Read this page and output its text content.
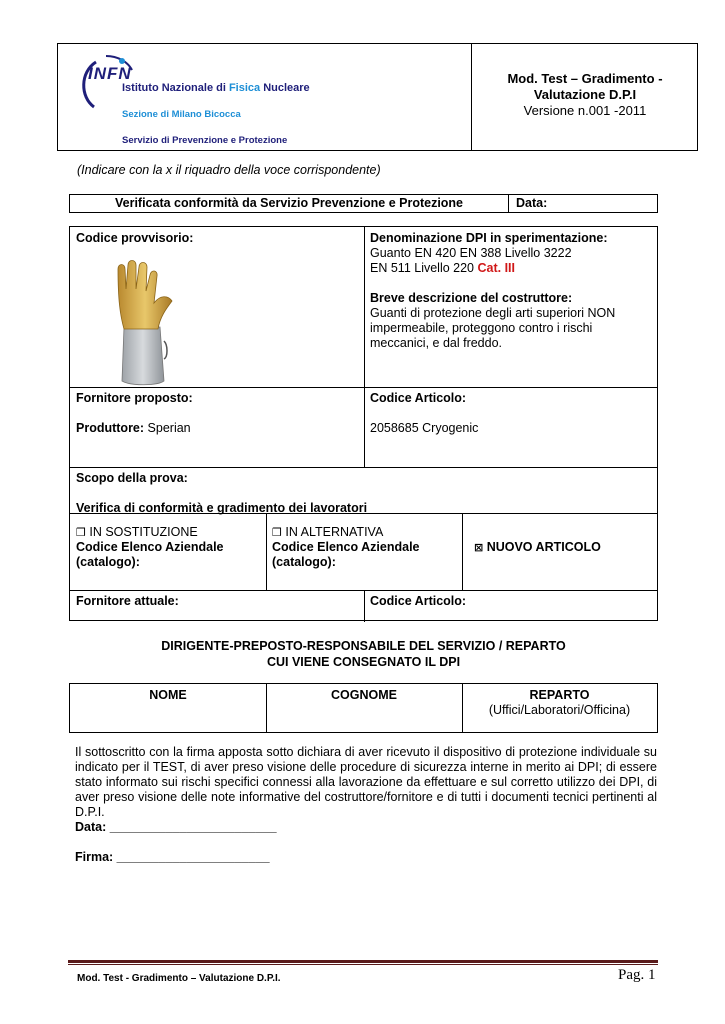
INFN
Istituto Nazionale di Fisica Nucleare
Sezione di Milano Bicocca
Servizio di Prevenzione e Protezione
Mod. Test – Gradimento -
Valutazione D.P.I
Versione n.001 -2011
(Indicare con la x il riquadro della voce corrispondente)
Verificata conformità da Servizio Prevenzione e Protezione	Data:
Codice provvisorio:	Denominazione DPI in sperimentazione:
Guanto EN 420 EN 388 Livello 3222
EN 511 Livello 220 Cat. III
Breve descrizione del costruttore:
Guanti di protezione degli arti superiori NON impermeabile, proteggono contro i rischi meccanici, e dal freddo.
Fornitore proposto:
Produttore: Sperian
Codice Articolo:
2058685 Cryogenic
Scopo della prova:
Verifica di conformità e gradimento dei lavoratori
❒ IN SOSTITUZIONE
Codice Elenco Aziendale (catalogo):
❒ IN ALTERNATIVA
Codice Elenco Aziendale (catalogo):
⊠ NUOVO ARTICOLO
Fornitore attuale:	Codice Articolo:
DIRIGENTE-PREPOSTO-RESPONSABILE DEL SERVIZIO / REPARTO
CUI VIENE CONSEGNATO IL DPI
NOME	COGNOME	REPARTO
(Uffici/Laboratori/Officina)
Il sottoscritto con la firma apposta sotto dichiara di aver ricevuto il dispositivo di protezione individuale su indicato per il TEST, di aver preso visione delle procedure di sicurezza interne in merito ai DPI; di essere stato informato sui rischi specifici connessi alla lavorazione da effettuare e sul corretto utilizzo dei DPI, di aver preso visione delle note informative del costruttore/fornitore e di tutti i documenti tecnici pertinenti al D.P.I.
Data: ________________________
Firma: ______________________
Mod. Test - Gradimento – Valutazione D.P.I.	Pag. 1
